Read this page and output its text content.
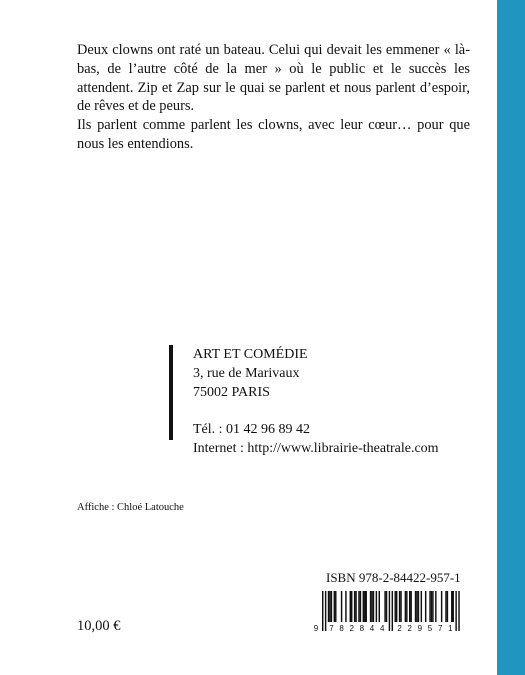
Deux clowns ont raté un bateau. Celui qui devait les emmener « là-bas, de l’autre côté de la mer » où le public et le succès les attendent. Zip et Zap sur le quai se parlent et nous parlent d’espoir, de rêves et de peurs.

Ils parlent comme parlent les clowns, avec leur cœur… pour que nous les entendions.

ART ET COMÉDIE
3, rue de Marivaux
75002 PARIS
Tél. : 01 42 96 89 42
Internet : http://www.librairie-theatrale.com
Affiche : Chloé Latouche
ISBN 978-2-84422-957-1
9 7 8 2 8 4 4 2 2 9 5 7 1
10,00 €
